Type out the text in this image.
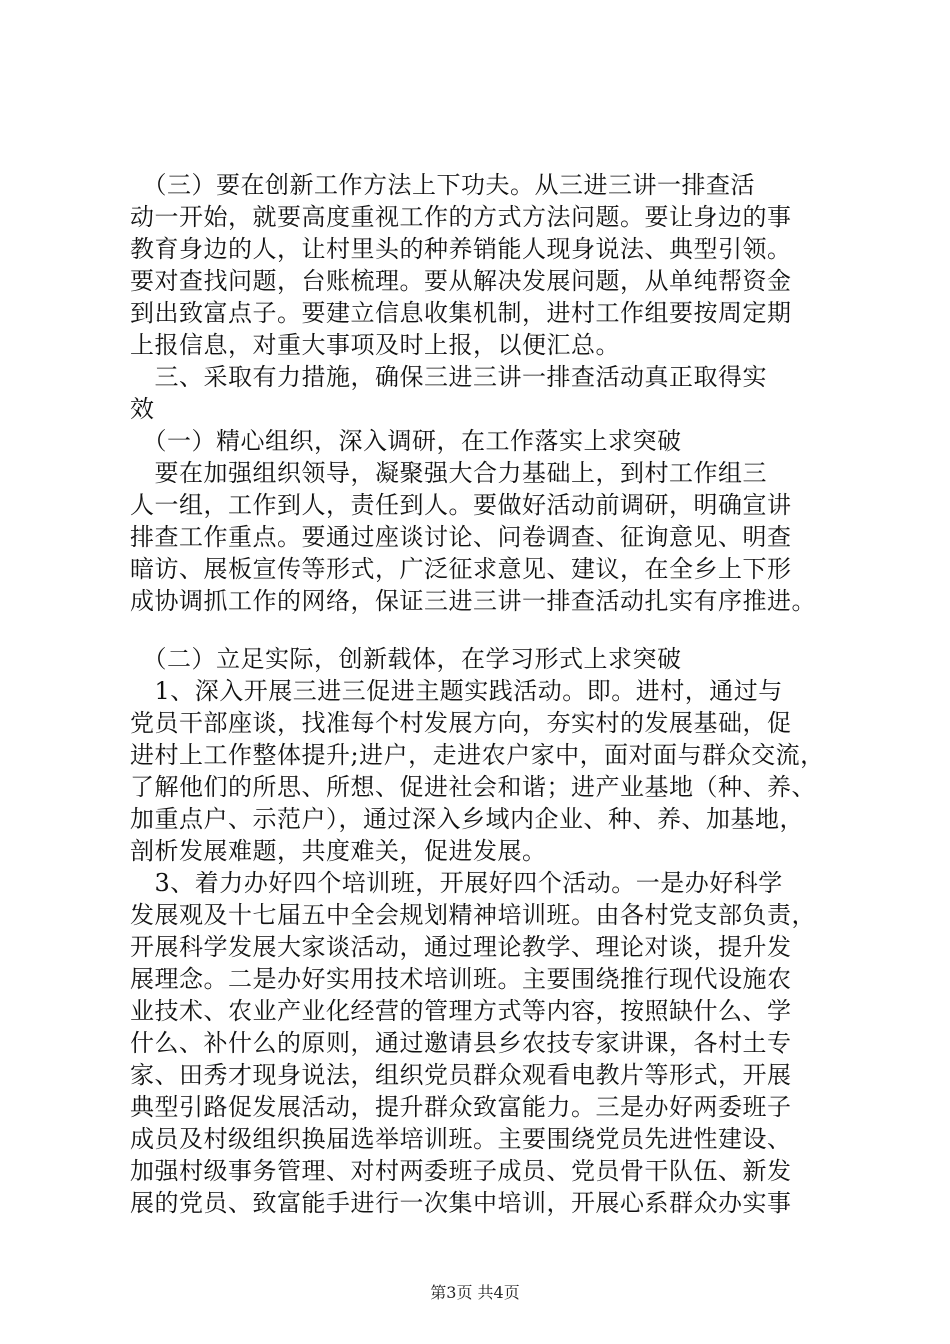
　（三）要在创新工作方法上下功夫。从三进三讲一排查活
动一开始，就要高度重视工作的方式方法问题。要让身边的事
教育身边的人，让村里头的种养销能人现身说法、典型引领。
要对查找问题，台账梳理。要从解决发展问题，从单纯帮资金
到出致富点子。要建立信息收集机制，进村工作组要按周定期
上报信息，对重大事项及时上报，以便汇总。
　三、采取有力措施，确保三进三讲一排查活动真正取得实
效
　（一）精心组织，深入调研，在工作落实上求突破
　要在加强组织领导，凝聚强大合力基础上，到村工作组三
人一组，工作到人，责任到人。要做好活动前调研，明确宣讲
排查工作重点。要通过座谈讨论、问卷调查、征询意见、明查
暗访、展板宣传等形式，广泛征求意见、建议，在全乡上下形
成协调抓工作的网络，保证三进三讲一排查活动扎实有序推进。
　（二）立足实际，创新载体，在学习形式上求突破
　1、深入开展三进三促进主题实践活动。即。进村，通过与
党员干部座谈，找准每个村发展方向，夯实村的发展基础，促
进村上工作整体提升;进户，走进农户家中，面对面与群众交流，
了解他们的所思、所想、促进社会和谐；进产业基地（种、养、
加重点户、示范户），通过深入乡域内企业、种、养、加基地，
剖析发展难题，共度难关，促进发展。
　3、着力办好四个培训班，开展好四个活动。一是办好科学
发展观及十七届五中全会规划精神培训班。由各村党支部负责，
开展科学发展大家谈活动，通过理论教学、理论对谈，提升发
展理念。二是办好实用技术培训班。主要围绕推行现代设施农
业技术、农业产业化经营的管理方式等内容，按照缺什么、学
什么、补什么的原则，通过邀请县乡农技专家讲课，各村土专
家、田秀才现身说法，组织党员群众观看电教片等形式，开展
典型引路促发展活动，提升群众致富能力。三是办好两委班子
成员及村级组织换届选举培训班。主要围绕党员先进性建设、
加强村级事务管理、对村两委班子成员、党员骨干队伍、新发
展的党员、致富能手进行一次集中培训，开展心系群众办实事
第3页 共4页
